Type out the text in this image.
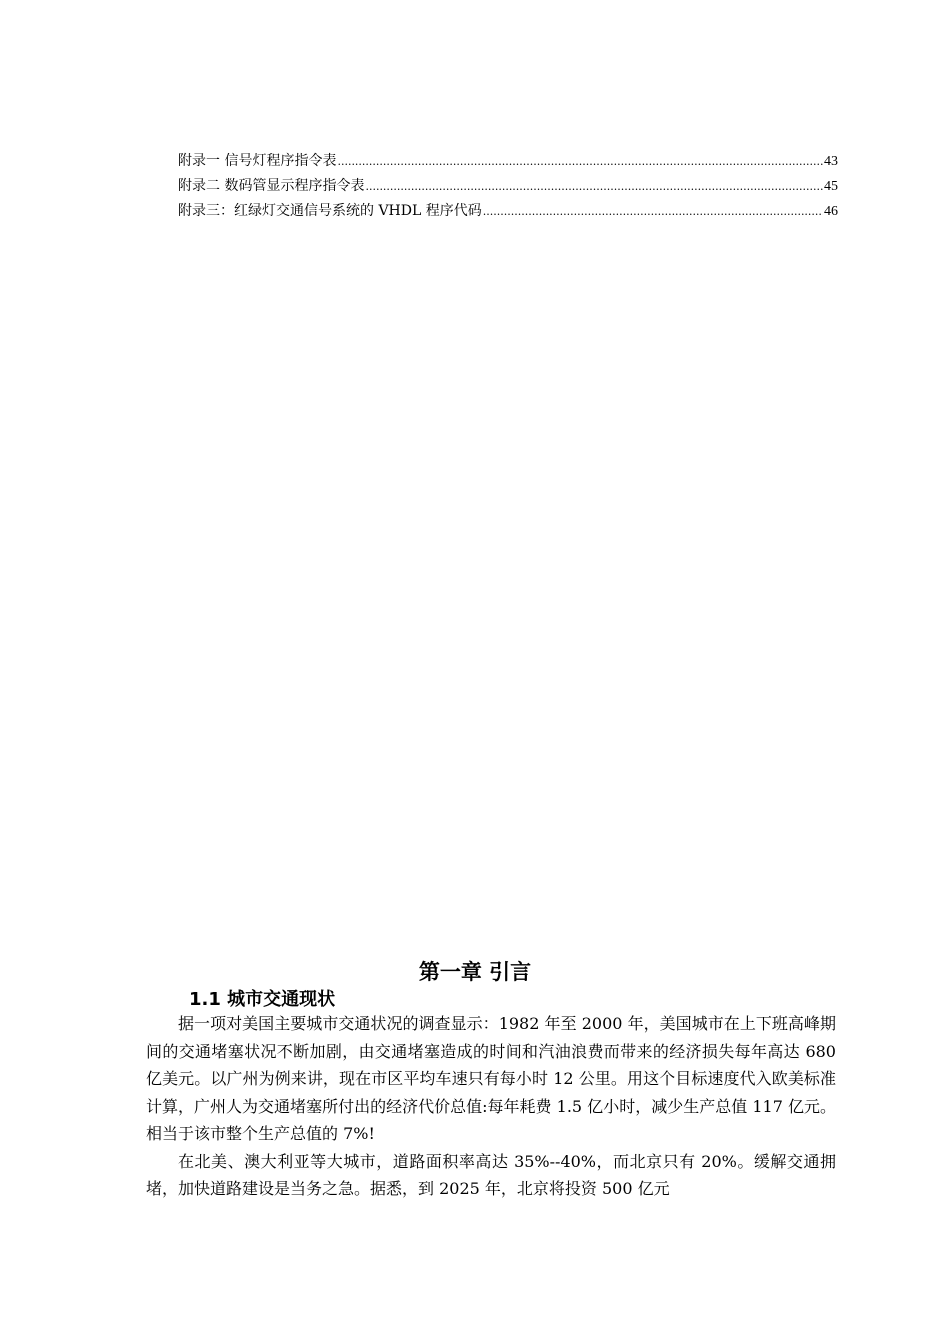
附录一 信号灯程序指令表 .....	43
附录二 数码管显示程序指令表 .....	45
附录三：红绿灯交通信号系统的 VHDL 程序代码 .....	46
第一章 引言
1.1 城市交通现状

据一项对美国主要城市交通状况的调查显示：1982 年至 2000 年，美国城市在上下班高峰期间的交通堵塞状况不断加剧，由交通堵塞造成的时间和汽油浪费而带来的经济损失每年高达 680 亿美元。以广州为例来讲，现在市区平均车速只有每小时 12 公里。用这个目标速度代入欧美标准计算，广州人为交通堵塞所付出的经济代价总值:每年耗费 1.5 亿小时，减少生产总值 117 亿元。相当于该市整个生产总值的 7%!

在北美、澳大利亚等大城市，道路面积率高达 35%--40%，而北京只有 20%。缓解交通拥堵，加快道路建设是当务之急。据悉，到 2025 年，北京将投资 500 亿元
